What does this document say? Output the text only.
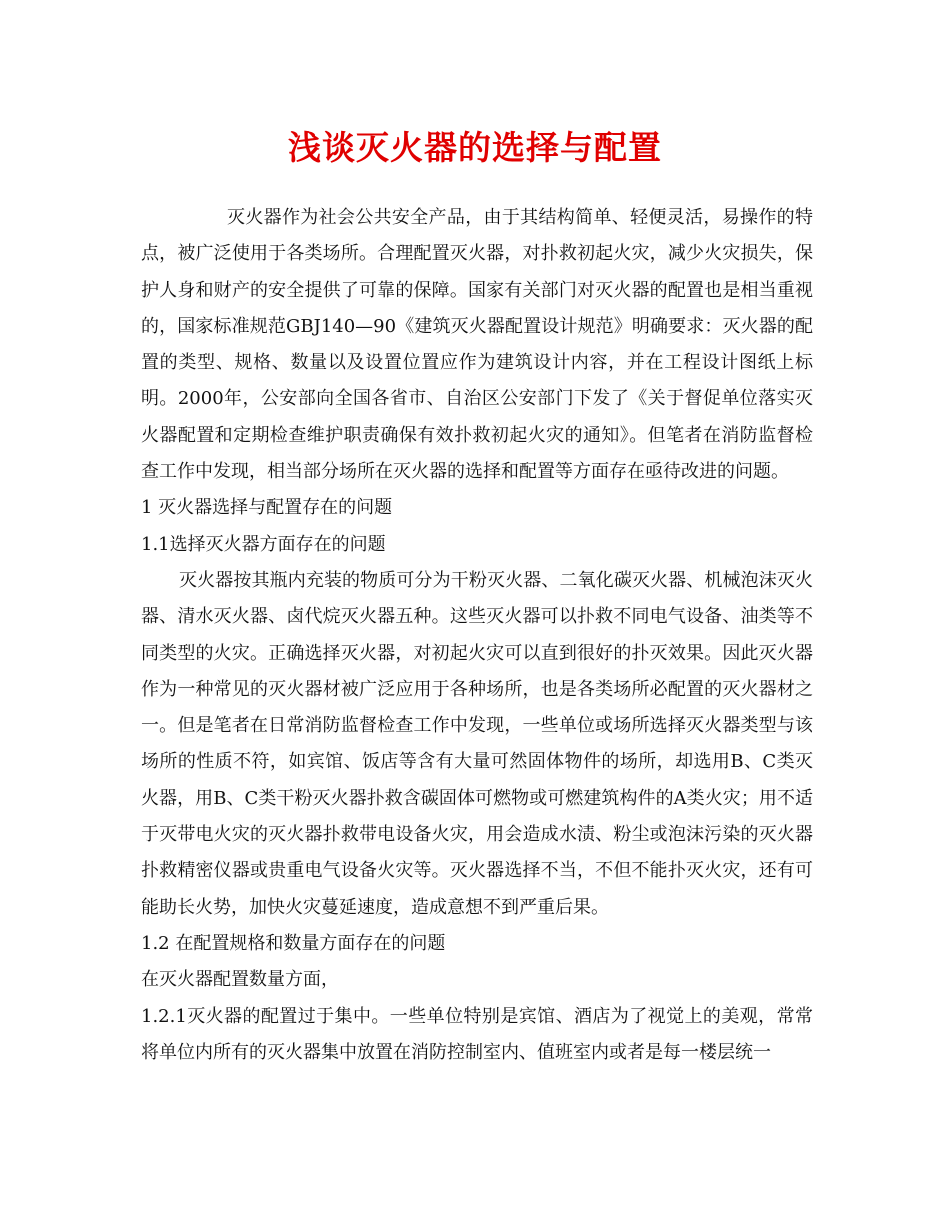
浅谈灭火器的选择与配置

灭火器作为社会公共安全产品，由于其结构简单、轻便灵活，易操作的特点，被广泛使用于各类场所。合理配置灭火器，对扑救初起火灾，减少火灾损失，保护人身和财产的安全提供了可靠的保障。国家有关部门对灭火器的配置也是相当重视的，国家标准规范GBJ140—90《建筑灭火器配置设计规范》明确要求：灭火器的配置的类型、规格、数量以及设置位置应作为建筑设计内容，并在工程设计图纸上标明。2000年，公安部向全国各省市、自治区公安部门下发了《关于督促单位落实灭火器配置和定期检查维护职责确保有效扑救初起火灾的通知》。但笔者在消防监督检查工作中发现，相当部分场所在灭火器的选择和配置等方面存在亟待改进的问题。

1 灭火器选择与配置存在的问题

1.1选择灭火器方面存在的问题

灭火器按其瓶内充装的物质可分为干粉灭火器、二氧化碳灭火器、机械泡沫灭火器、清水灭火器、卤代烷灭火器五种。这些灭火器可以扑救不同电气设备、油类等不同类型的火灾。正确选择灭火器，对初起火灾可以直到很好的扑灭效果。因此灭火器作为一种常见的灭火器材被广泛应用于各种场所，也是各类场所必配置的灭火器材之一。但是笔者在日常消防监督检查工作中发现，一些单位或场所选择灭火器类型与该场所的性质不符，如宾馆、饭店等含有大量可然固体物件的场所，却选用B、C类灭火器，用B、C类干粉灭火器扑救含碳固体可燃物或可燃建筑构件的A类火灾；用不适于灭带电火灾的灭火器扑救带电设备火灾，用会造成水渍、粉尘或泡沫污染的灭火器扑救精密仪器或贵重电气设备火灾等。灭火器选择不当，不但不能扑灭火灾，还有可能助长火势，加快火灾蔓延速度，造成意想不到严重后果。

1.2 在配置规格和数量方面存在的问题

在灭火器配置数量方面，

1.2.1灭火器的配置过于集中。一些单位特别是宾馆、酒店为了视觉上的美观，常常将单位内所有的灭火器集中放置在消防控制室内、值班室内或者是每一楼层统一
